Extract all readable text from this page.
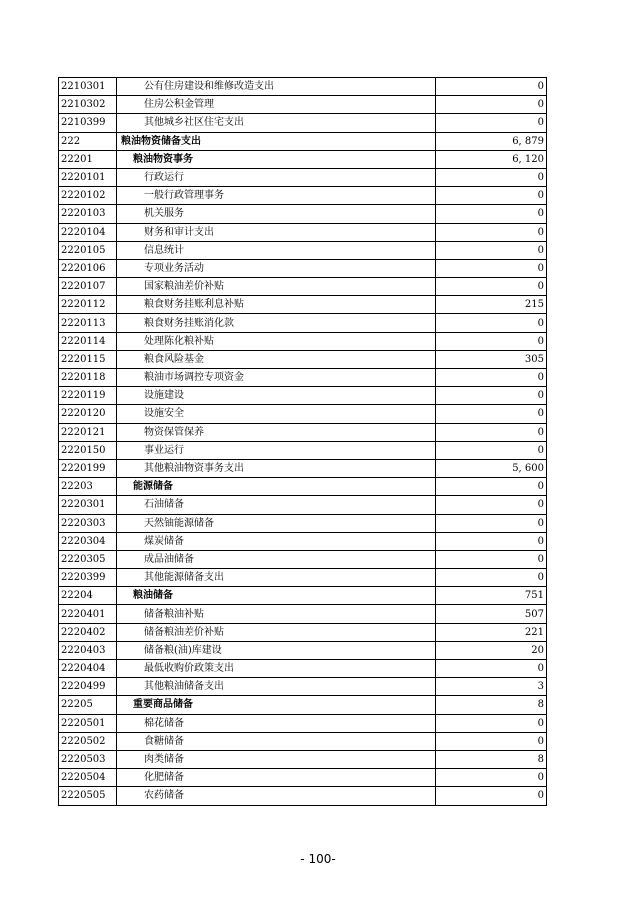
2210301	公有住房建设和维修改造支出	0
2210302	住房公积金管理	0
2210399	其他城乡社区住宅支出	0
222	粮油物资储备支出	6, 879
22201	粮油物资事务	6, 120
2220101	行政运行	0
2220102	一般行政管理事务	0
2220103	机关服务	0
2220104	财务和审计支出	0
2220105	信息统计	0
2220106	专项业务活动	0
2220107	国家粮油差价补贴	0
2220112	粮食财务挂账利息补贴	215
2220113	粮食财务挂账消化款	0
2220114	处理陈化粮补贴	0
2220115	粮食风险基金	305
2220118	粮油市场调控专项资金	0
2220119	设施建设	0
2220120	设施安全	0
2220121	物资保管保养	0
2220150	事业运行	0
2220199	其他粮油物资事务支出	5, 600
22203	能源储备	0
2220301	石油储备	0
2220303	天然铀能源储备	0
2220304	煤炭储备	0
2220305	成品油储备	0
2220399	其他能源储备支出	0
22204	粮油储备	751
2220401	储备粮油补贴	507
2220402	储备粮油差价补贴	221
2220403	储备粮(油)库建设	20
2220404	最低收购价政策支出	0
2220499	其他粮油储备支出	3
22205	重要商品储备	8
2220501	棉花储备	0
2220502	食糖储备	0
2220503	肉类储备	8
2220504	化肥储备	0
2220505	农药储备	0
- 100-
